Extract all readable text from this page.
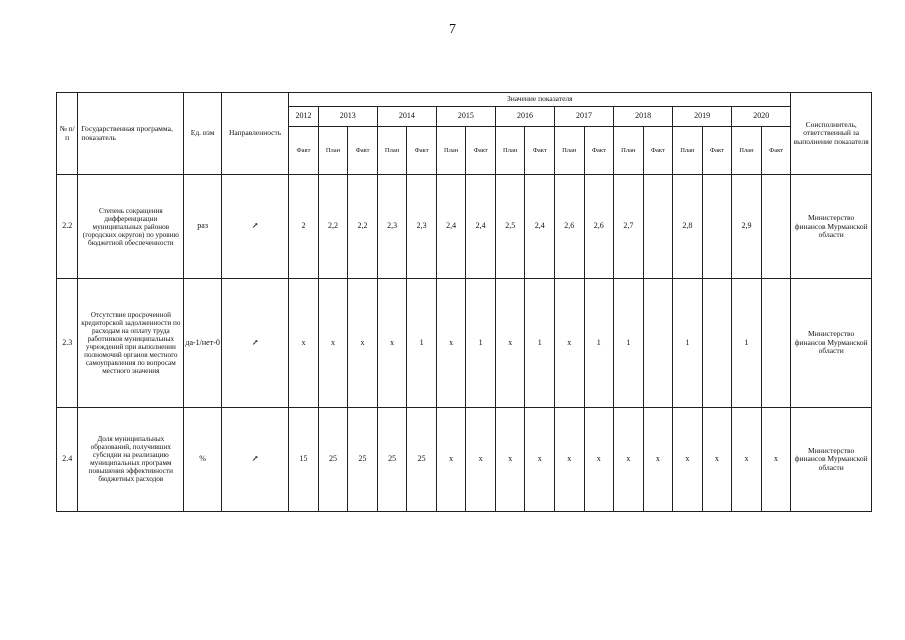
7
№ п/п	Государственная программа, показатель	Ед. изм	Направленность	Значение показателя																	Соисполнитель, ответственный за выполнение показателя
				2012	2013		2014		2015		2016		2017		2018		2019		2020		
				Факт	План	Факт	План	Факт	План	Факт	План	Факт	План	Факт	План	Факт	План	Факт	План	Факт	
2.2	Степень сокращения дифференциации муниципальных районов (городских округов) по уровню бюджетной обеспеченности	раз	↗	2	2,2	2,2	2,3	2,3	2,4	2,4	2,5	2,4	2,6	2,6	2,7		2,8		2,9		Министерство финансов Мурманской области
2.3	Отсутствие просроченной кредиторской задолженности по расходам на оплату труда работников муниципальных учреждений при выполнении полномочий органов местного самоуправления по вопросам местного значения	да-1/нет-0	↗	x	x	x	x	1	x	1	x	1	x	1	1		1		1		Министерство финансов Мурманской области
2.4	Доля муниципальных образований, получивших субсидии на реализацию муниципальных программ повышения эффективности бюджетных расходов	%	↗	15	25	25	25	25	x	x	x	x	x	x	x	x	x	x	x	x	Министерство финансов Мурманской области
